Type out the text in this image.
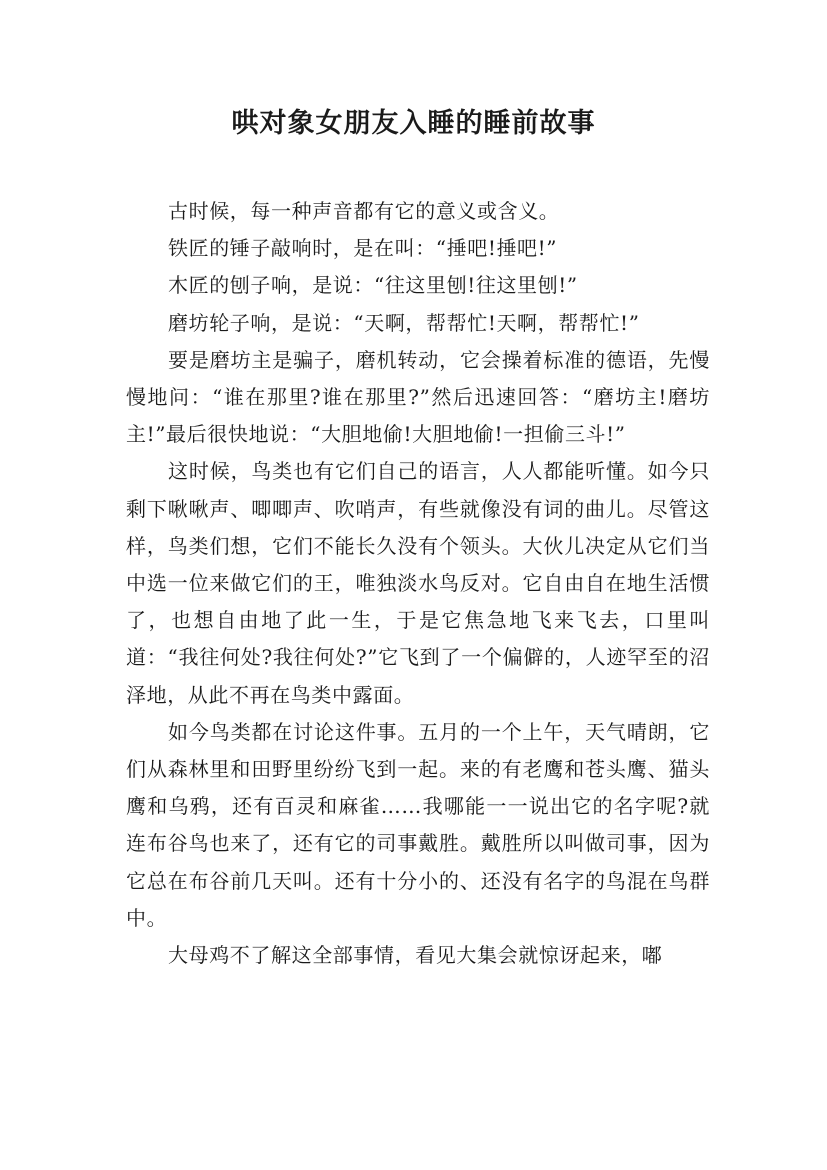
哄对象女朋友入睡的睡前故事

古时候，每一种声音都有它的意义或含义。

铁匠的锤子敲响时，是在叫：“捶吧!捶吧!”

木匠的刨子响，是说：“往这里刨!往这里刨!”

磨坊轮子响，是说：“天啊，帮帮忙!天啊，帮帮忙!”

要是磨坊主是骗子，磨机转动，它会操着标准的德语，先慢慢地问：“谁在那里?谁在那里?”然后迅速回答：“磨坊主!磨坊主!”最后很快地说：“大胆地偷!大胆地偷!一担偷三斗!”

这时候，鸟类也有它们自己的语言，人人都能听懂。如今只剩下啾啾声、唧唧声、吹哨声，有些就像没有词的曲儿。尽管这样，鸟类们想，它们不能长久没有个领头。大伙儿决定从它们当中选一位来做它们的王，唯独淡水鸟反对。它自由自在地生活惯了，也想自由地了此一生，于是它焦急地飞来飞去，口里叫道：“我往何处?我往何处?”它飞到了一个偏僻的，人迹罕至的沼泽地，从此不再在鸟类中露面。

如今鸟类都在讨论这件事。五月的一个上午，天气晴朗，它们从森林里和田野里纷纷飞到一起。来的有老鹰和苍头鹰、猫头鹰和乌鸦，还有百灵和麻雀……我哪能一一说出它的名字呢?就连布谷鸟也来了，还有它的司事戴胜。戴胜所以叫做司事，因为它总在布谷前几天叫。还有十分小的、还没有名字的鸟混在鸟群中。

大母鸡不了解这全部事情，看见大集会就惊讶起来，嘟
